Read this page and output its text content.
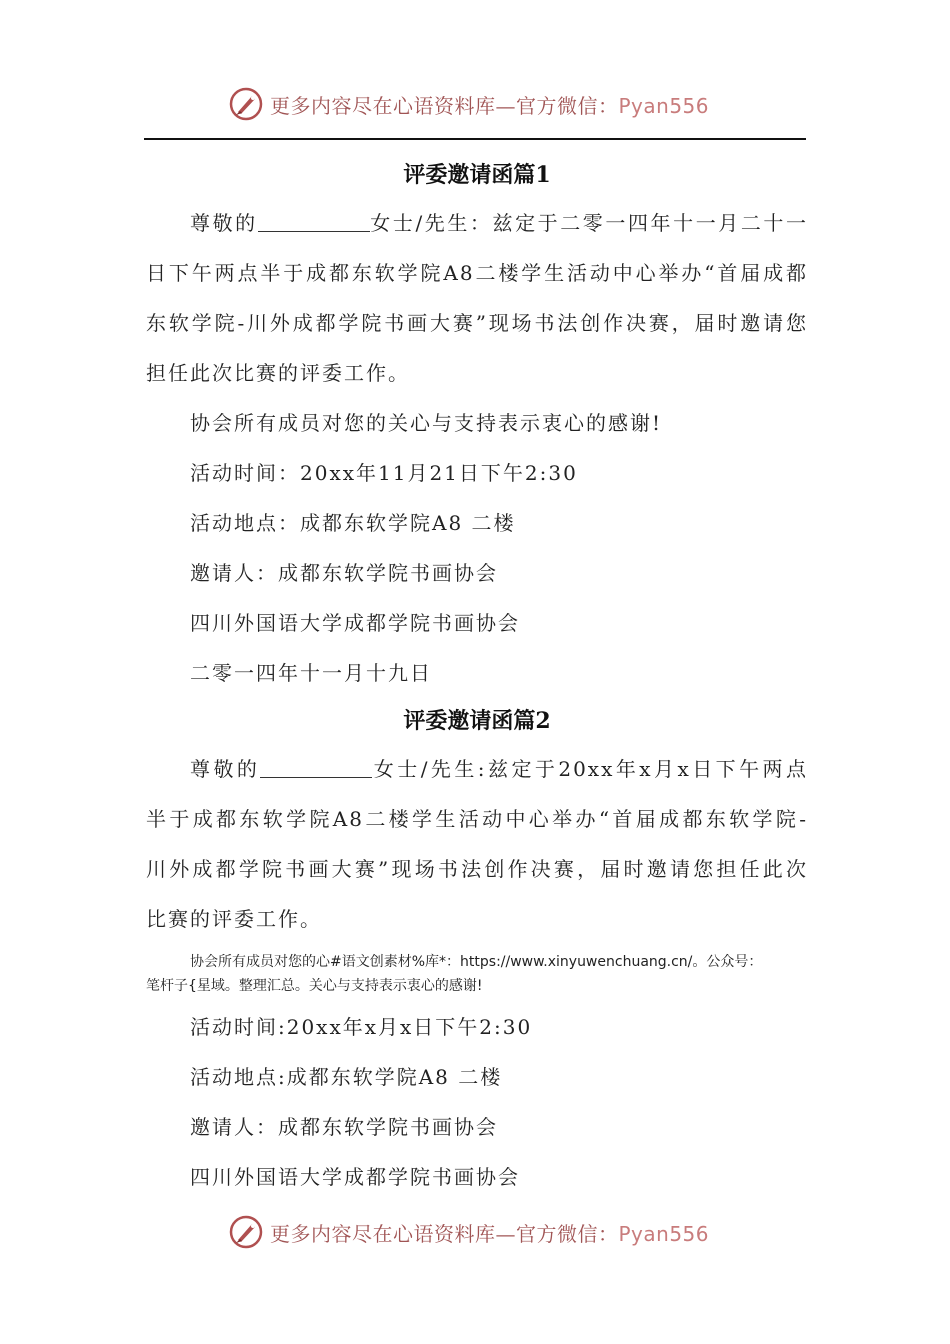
更多内容尽在心语资料库—官方微信：Pyan556
评委邀请函篇1

尊敬的	女士/先生：兹定于二零一四年十一月二十一

日下午两点半于成都东软学院A8二楼学生活动中心举办“首届成都

东软学院-川外成都学院书画大赛”现场书法创作决赛，届时邀请您

担任此次比赛的评委工作。

协会所有成员对您的关心与支持表示衷心的感谢!

活动时间：20xx年11月21日下午2:30

活动地点：成都东软学院A8 二楼

邀请人：成都东软学院书画协会

四川外国语大学成都学院书画协会

二零一四年十一月十九日

评委邀请函篇2

尊敬的	女士/先生:兹定于20xx年x月x日下午两点

半于成都东软学院A8二楼学生活动中心举办“首届成都东软学院-

川外成都学院书画大赛”现场书法创作决赛，届时邀请您担任此次

比赛的评委工作。

协会所有成员对您的心#语文创素材%库*：https://www.xinyuwenchuang.cn/。公众号：
笔杆子{星域。整理汇总。关心与支持表示衷心的感谢!

活动时间:20xx年x月x日下午2:30

活动地点:成都东软学院A8 二楼

邀请人：成都东软学院书画协会

四川外国语大学成都学院书画协会

更多内容尽在心语资料库—官方微信：Pyan556
